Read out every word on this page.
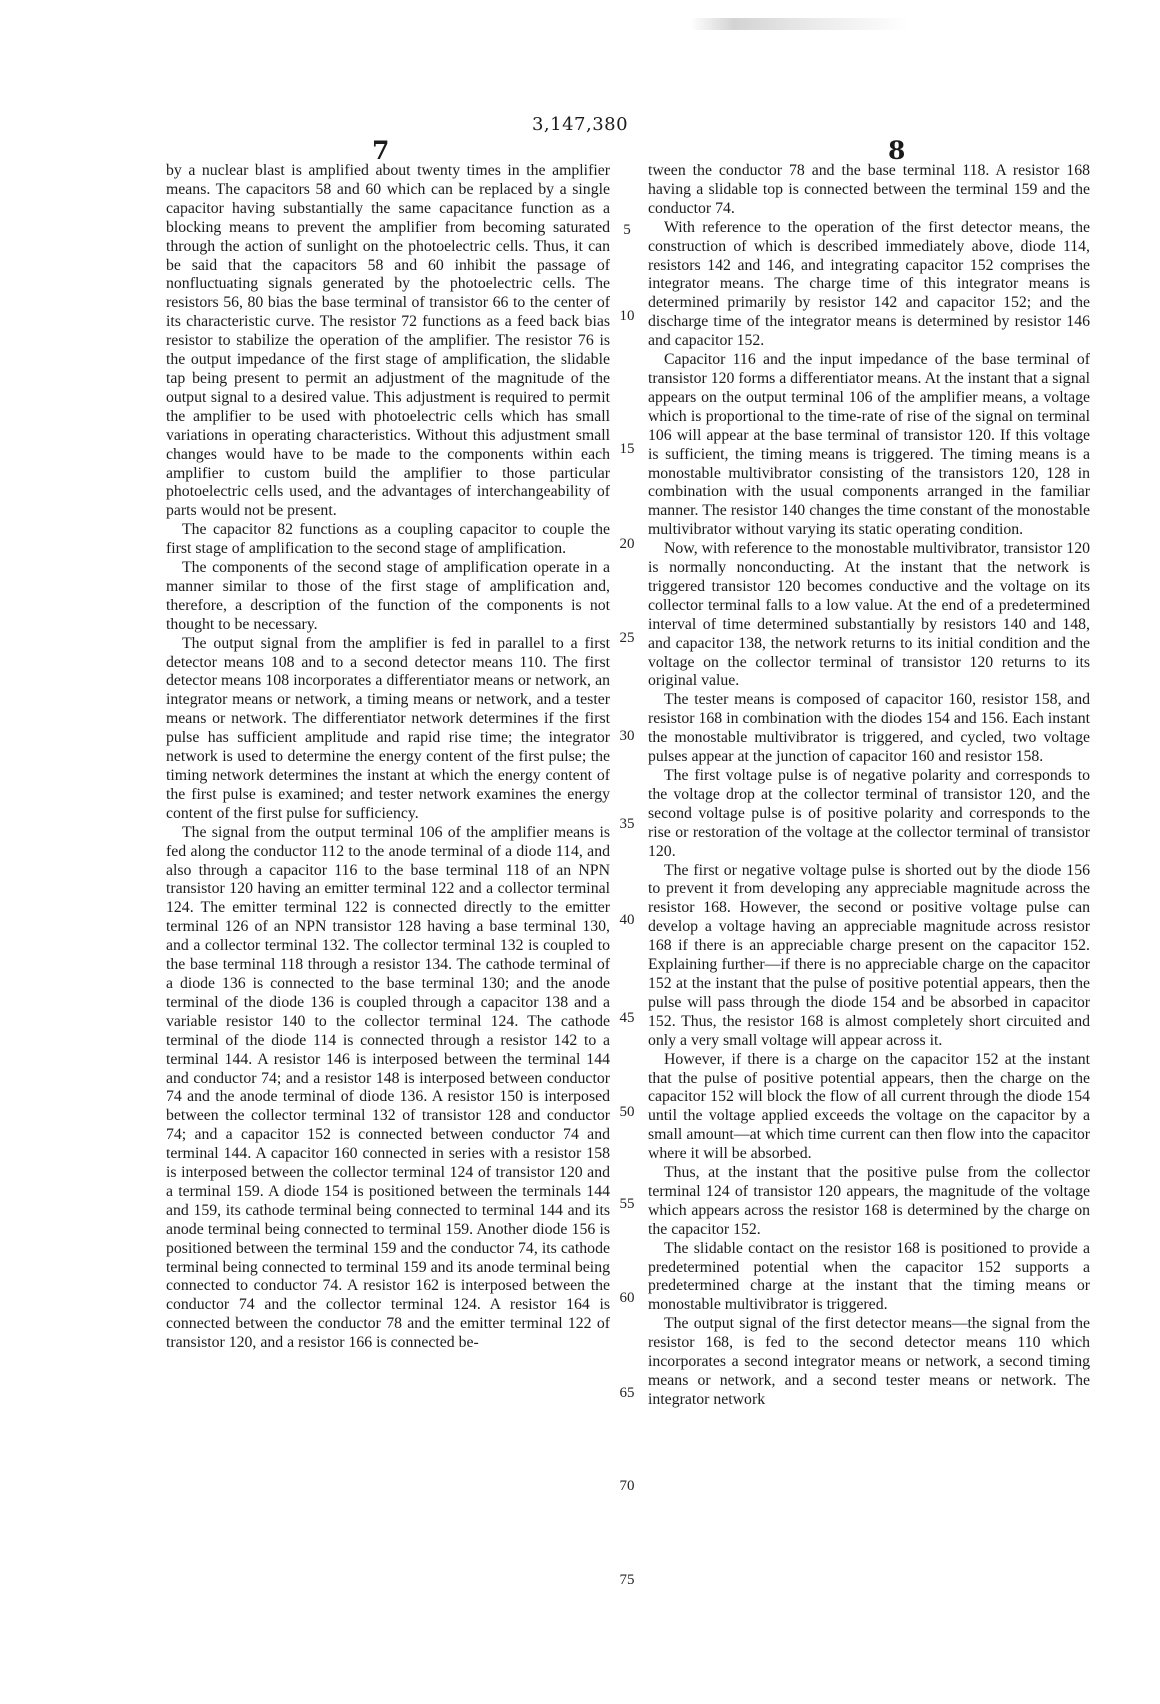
3,147,380
7	8

by a nuclear blast is amplified about twenty times in the amplifier means. The capacitors 58 and 60 which can be replaced by a single capacitor having substantially the same capacitance function as a blocking means to prevent the amplifier from becoming saturated through the action of sunlight on the photoelectric cells. Thus, it can be said that the capacitors 58 and 60 inhibit the passage of nonfluctuating signals generated by the photoelectric cells. The resistors 56, 80 bias the base terminal of transistor 66 to the center of its characteristic curve. The resistor 72 functions as a feed back bias resistor to stabilize the operation of the amplifier. The resistor 76 is the output impedance of the first stage of amplification, the slidable tap being present to permit an adjustment of the magnitude of the output signal to a desired value. This adjustment is required to permit the amplifier to be used with photoelectric cells which has small variations in operating characteristics. Without this adjustment small changes would have to be made to the components within each amplifier to custom build the amplifier to those particular photoelectric cells used, and the advantages of interchangeability of parts would not be present.

The capacitor 82 functions as a coupling capacitor to couple the first stage of amplification to the second stage of amplification.

The components of the second stage of amplification operate in a manner similar to those of the first stage of amplification and, therefore, a description of the function of the components is not thought to be necessary.

The output signal from the amplifier is fed in parallel to a first detector means 108 and to a second detector means 110. The first detector means 108 incorporates a differentiator means or network, an integrator means or network, a timing means or network, and a tester means or network. The differentiator network determines if the first pulse has sufficient amplitude and rapid rise time; the integrator network is used to determine the energy content of the first pulse; the timing network determines the instant at which the energy content of the first pulse is examined; and tester network examines the energy content of the first pulse for sufficiency.

The signal from the output terminal 106 of the amplifier means is fed along the conductor 112 to the anode terminal of a diode 114, and also through a capacitor 116 to the base terminal 118 of an NPN transistor 120 having an emitter terminal 122 and a collector terminal 124. The emitter terminal 122 is connected directly to the emitter terminal 126 of an NPN transistor 128 having a base terminal 130, and a collector terminal 132. The collector terminal 132 is coupled to the base terminal 118 through a resistor 134. The cathode terminal of a diode 136 is connected to the base terminal 130; and the anode terminal of the diode 136 is coupled through a capacitor 138 and a variable resistor 140 to the collector terminal 124. The cathode terminal of the diode 114 is connected through a resistor 142 to a terminal 144. A resistor 146 is interposed between the terminal 144 and conductor 74; and a resistor 148 is interposed between conductor 74 and the anode terminal of diode 136. A resistor 150 is interposed between the collector terminal 132 of transistor 128 and conductor 74; and a capacitor 152 is connected between conductor 74 and terminal 144. A capacitor 160 connected in series with a resistor 158 is interposed between the collector terminal 124 of transistor 120 and a terminal 159. A diode 154 is positioned between the terminals 144 and 159, its cathode terminal being connected to terminal 144 and its anode terminal being connected to terminal 159. Another diode 156 is positioned between the terminal 159 and the conductor 74, its cathode terminal being connected to terminal 159 and its anode terminal being connected to conductor 74. A resistor 162 is interposed between the conductor 74 and the collector terminal 124. A resistor 164 is connected between the conductor 78 and the emitter terminal 122 of transistor 120, and a resistor 166 is connected be-

5
10
15
20
25
30
35
40
45
50
55
60
65
70
75

tween the conductor 78 and the base terminal 118. A resistor 168 having a slidable top is connected between the terminal 159 and the conductor 74.

With reference to the operation of the first detector means, the construction of which is described immediately above, diode 114, resistors 142 and 146, and integrating capacitor 152 comprises the integrator means. The charge time of this integrator means is determined primarily by resistor 142 and capacitor 152; and the discharge time of the integrator means is determined by resistor 146 and capacitor 152.

Capacitor 116 and the input impedance of the base terminal of transistor 120 forms a differentiator means. At the instant that a signal appears on the output terminal 106 of the amplifier means, a voltage which is proportional to the time-rate of rise of the signal on terminal 106 will appear at the base terminal of transistor 120. If this voltage is sufficient, the timing means is triggered. The timing means is a monostable multivibrator consisting of the transistors 120, 128 in combination with the usual components arranged in the familiar manner. The resistor 140 changes the time constant of the monostable multivibrator without varying its static operating condition.

Now, with reference to the monostable multivibrator, transistor 120 is normally nonconducting. At the instant that the network is triggered transistor 120 becomes conductive and the voltage on its collector terminal falls to a low value. At the end of a predetermined interval of time determined substantially by resistors 140 and 148, and capacitor 138, the network returns to its initial condition and the voltage on the collector terminal of transistor 120 returns to its original value.

The tester means is composed of capacitor 160, resistor 158, and resistor 168 in combination with the diodes 154 and 156. Each instant the monostable multivibrator is triggered, and cycled, two voltage pulses appear at the junction of capacitor 160 and resistor 158.

The first voltage pulse is of negative polarity and corresponds to the voltage drop at the collector terminal of transistor 120, and the second voltage pulse is of positive polarity and corresponds to the rise or restoration of the voltage at the collector terminal of transistor 120.

The first or negative voltage pulse is shorted out by the diode 156 to prevent it from developing any appreciable magnitude across the resistor 168. However, the second or positive voltage pulse can develop a voltage having an appreciable magnitude across resistor 168 if there is an appreciable charge present on the capacitor 152. Explaining further—if there is no appreciable charge on the capacitor 152 at the instant that the pulse of positive potential appears, then the pulse will pass through the diode 154 and be absorbed in capacitor 152. Thus, the resistor 168 is almost completely short circuited and only a very small voltage will appear across it.

However, if there is a charge on the capacitor 152 at the instant that the pulse of positive potential appears, then the charge on the capacitor 152 will block the flow of all current through the diode 154 until the voltage applied exceeds the voltage on the capacitor by a small amount—at which time current can then flow into the capacitor where it will be absorbed.

Thus, at the instant that the positive pulse from the collector terminal 124 of transistor 120 appears, the magnitude of the voltage which appears across the resistor 168 is determined by the charge on the capacitor 152.

The slidable contact on the resistor 168 is positioned to provide a predetermined potential when the capacitor 152 supports a predetermined charge at the instant that the timing means or monostable multivibrator is triggered.

The output signal of the first detector means—the signal from the resistor 168, is fed to the second detector means 110 which incorporates a second integrator means or network, a second timing means or network, and a second tester means or network. The integrator network
